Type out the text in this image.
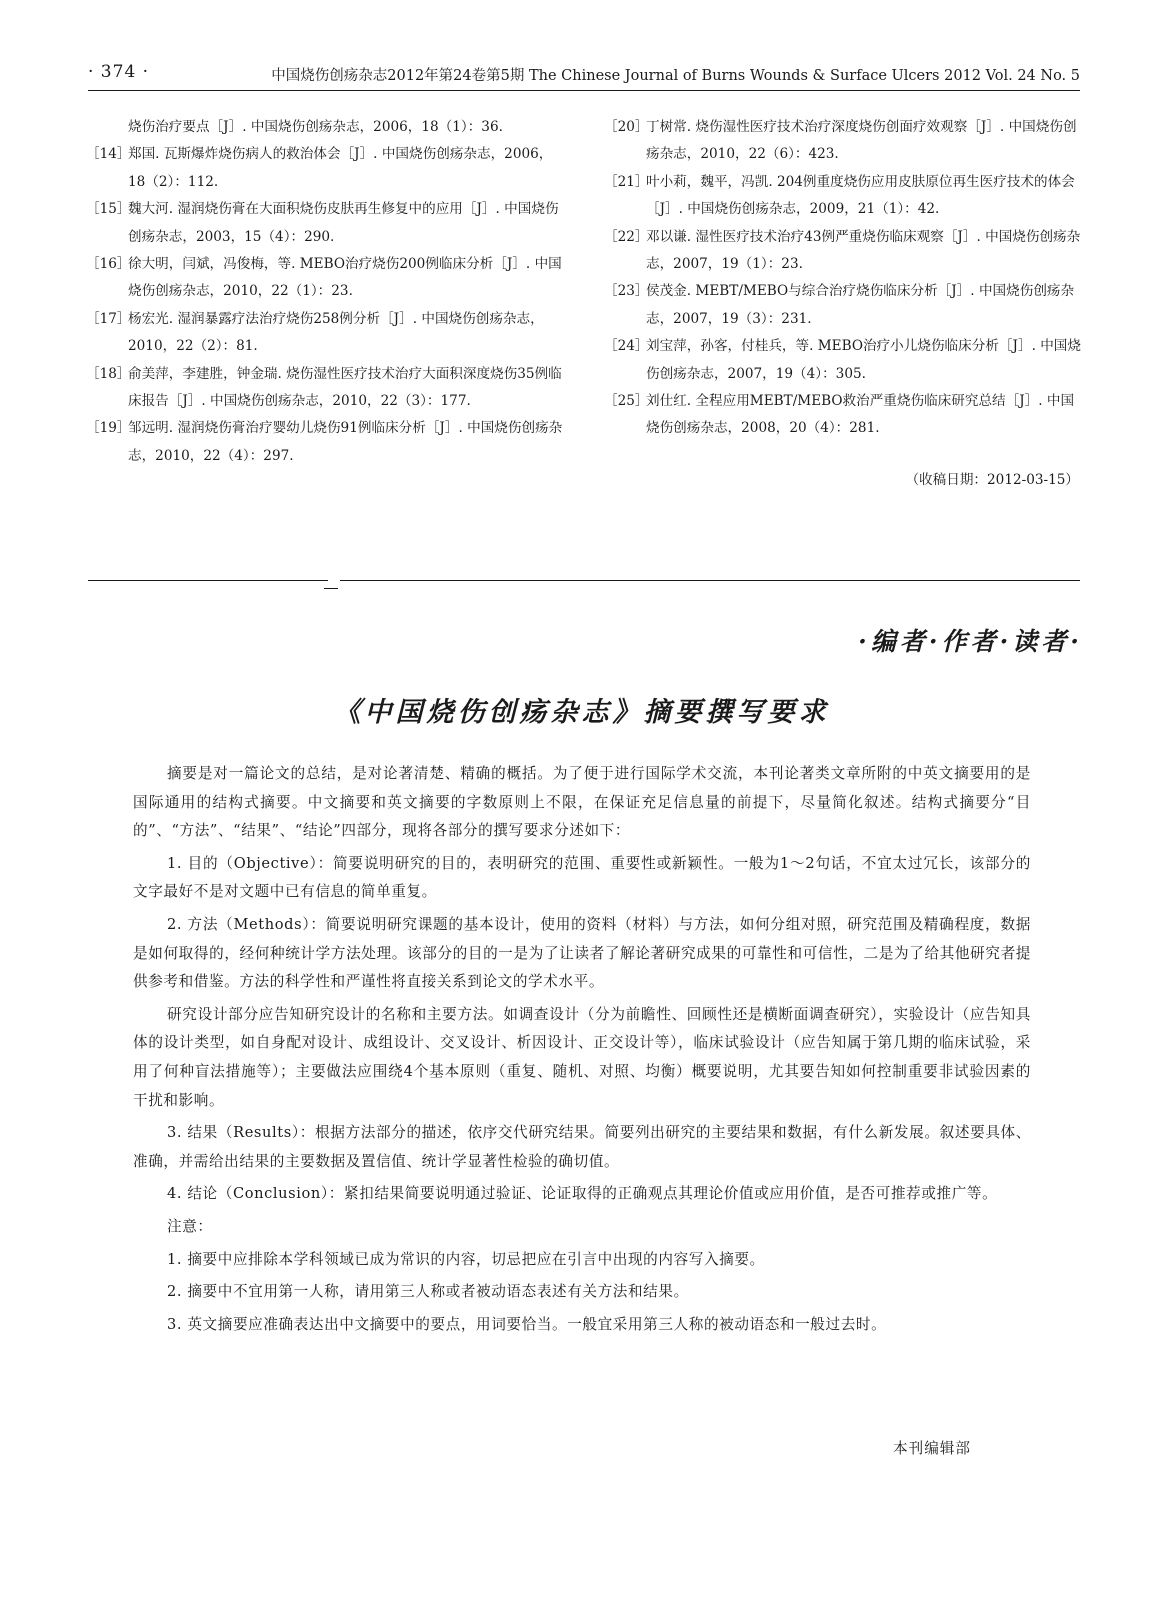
· 374 ·	中国烧伤创疡杂志2012年第24卷第5期 The Chinese Journal of Burns Wounds & Surface Ulcers 2012 Vol. 24 No. 5

烧伤治疗要点［J］. 中国烧伤创疡杂志，2006，18（1）：36.

［14］
郑国. 瓦斯爆炸烧伤病人的救治体会［J］. 中国烧伤创疡杂志，2006，18（2）：112.

［15］
魏大河. 湿润烧伤膏在大面积烧伤皮肤再生修复中的应用［J］. 中国烧伤创疡杂志，2003，15（4）：290.

［16］
徐大明，闫斌，冯俊梅，等. MEBO治疗烧伤200例临床分析［J］. 中国烧伤创疡杂志，2010，22（1）：23.

［17］
杨宏光. 湿润暴露疗法治疗烧伤258例分析［J］. 中国烧伤创疡杂志，2010，22（2）：81.

［18］
俞美萍，李建胜，钟金瑞. 烧伤湿性医疗技术治疗大面积深度烧伤35例临床报告［J］. 中国烧伤创疡杂志，2010，22（3）：177.

［19］
邹远明. 湿润烧伤膏治疗婴幼儿烧伤91例临床分析［J］. 中国烧伤创疡杂志，2010，22（4）：297.

［20］
丁树常. 烧伤湿性医疗技术治疗深度烧伤创面疗效观察［J］. 中国烧伤创疡杂志，2010，22（6）：423.

［21］
叶小莉，魏平，冯凯. 204例重度烧伤应用皮肤原位再生医疗技术的体会［J］. 中国烧伤创疡杂志，2009，21（1）：42.

［22］
邓以谦. 湿性医疗技术治疗43例严重烧伤临床观察［J］. 中国烧伤创疡杂志，2007，19（1）：23.

［23］
侯茂金. MEBT/MEBO与综合治疗烧伤临床分析［J］. 中国烧伤创疡杂志，2007，19（3）：231.

［24］
刘宝萍，孙客，付桂兵，等. MEBO治疗小儿烧伤临床分析［J］. 中国烧伤创疡杂志，2007，19（4）：305.

［25］
刘仕红. 全程应用MEBT/MEBO救治严重烧伤临床研究总结［J］. 中国烧伤创疡杂志，2008，20（4）：281.

（收稿日期：2012-03-15）
·编者·作者·读者·
《中国烧伤创疡杂志》摘要撰写要求

摘要是对一篇论文的总结，是对论著清楚、精确的概括。为了便于进行国际学术交流，本刊论著类文章所附的中英文摘要用的是国际通用的结构式摘要。中文摘要和英文摘要的字数原则上不限，在保证充足信息量的前提下，尽量简化叙述。结构式摘要分“目的”、“方法”、“结果”、“结论”四部分，现将各部分的撰写要求分述如下：

1. 目的（Objective）：简要说明研究的目的，表明研究的范围、重要性或新颖性。一般为1～2句话，不宜太过冗长，该部分的文字最好不是对文题中已有信息的简单重复。

2. 方法（Methods）：简要说明研究课题的基本设计，使用的资料（材料）与方法，如何分组对照，研究范围及精确程度，数据是如何取得的，经何种统计学方法处理。该部分的目的一是为了让读者了解论著研究成果的可靠性和可信性，二是为了给其他研究者提供参考和借鉴。方法的科学性和严谨性将直接关系到论文的学术水平。

研究设计部分应告知研究设计的名称和主要方法。如调查设计（分为前瞻性、回顾性还是横断面调查研究），实验设计（应告知具体的设计类型，如自身配对设计、成组设计、交叉设计、析因设计、正交设计等），临床试验设计（应告知属于第几期的临床试验，采用了何种盲法措施等）；主要做法应围绕4个基本原则（重复、随机、对照、均衡）概要说明，尤其要告知如何控制重要非试验因素的干扰和影响。

3. 结果（Results）：根据方法部分的描述，依序交代研究结果。简要列出研究的主要结果和数据，有什么新发展。叙述要具体、准确，并需给出结果的主要数据及置信值、统计学显著性检验的确切值。

4. 结论（Conclusion）：紧扣结果简要说明通过验证、论证取得的正确观点其理论价值或应用价值，是否可推荐或推广等。

注意：

1. 摘要中应排除本学科领域已成为常识的内容，切忌把应在引言中出现的内容写入摘要。

2. 摘要中不宜用第一人称，请用第三人称或者被动语态表述有关方法和结果。

3. 英文摘要应准确表达出中文摘要中的要点，用词要恰当。一般宜采用第三人称的被动语态和一般过去时。

本刊编辑部
